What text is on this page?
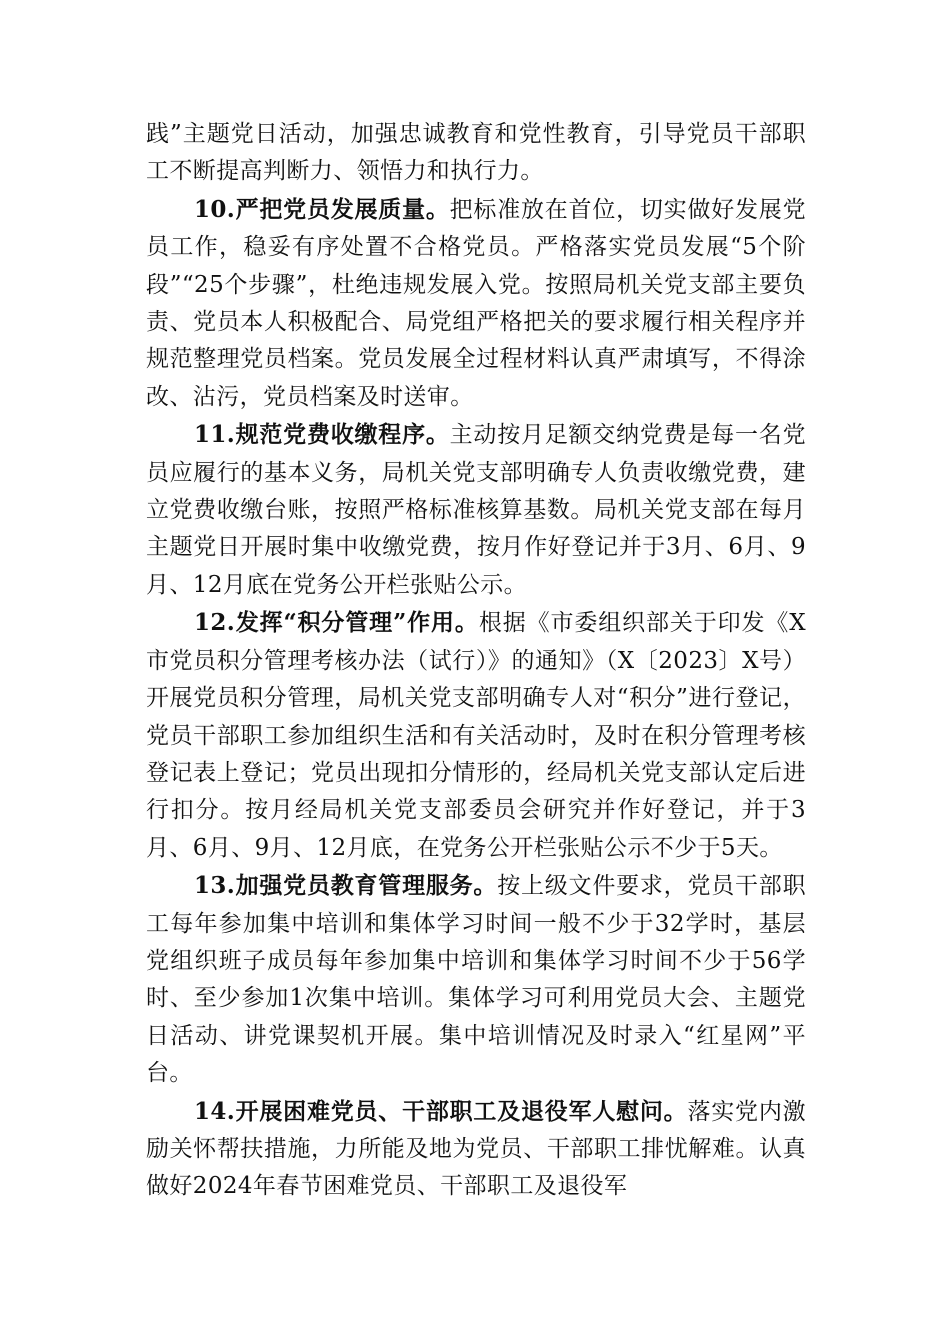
践”主题党日活动，加强忠诚教育和党性教育，引导党员干部职工不断提高判断力、领悟力和执行力。

10.严把党员发展质量。把标准放在首位，切实做好发展党员工作，稳妥有序处置不合格党员。严格落实党员发展“5个阶段”“25个步骤”，杜绝违规发展入党。按照局机关党支部主要负责、党员本人积极配合、局党组严格把关的要求履行相关程序并规范整理党员档案。党员发展全过程材料认真严肃填写，不得涂改、沾污，党员档案及时送审。

11.规范党费收缴程序。主动按月足额交纳党费是每一名党员应履行的基本义务，局机关党支部明确专人负责收缴党费，建立党费收缴台账，按照严格标准核算基数。局机关党支部在每月主题党日开展时集中收缴党费，按月作好登记并于3月、6月、9月、12月底在党务公开栏张贴公示。

12.发挥“积分管理”作用。根据《市委组织部关于印发《X市党员积分管理考核办法（试行）》的通知》（X〔2023〕X号）开展党员积分管理，局机关党支部明确专人对“积分”进行登记，党员干部职工参加组织生活和有关活动时，及时在积分管理考核登记表上登记；党员出现扣分情形的，经局机关党支部认定后进行扣分。按月经局机关党支部委员会研究并作好登记，并于3月、6月、9月、12月底，在党务公开栏张贴公示不少于5天。

13.加强党员教育管理服务。按上级文件要求，党员干部职工每年参加集中培训和集体学习时间一般不少于32学时，基层党组织班子成员每年参加集中培训和集体学习时间不少于56学时、至少参加1次集中培训。集体学习可利用党员大会、主题党日活动、讲党课契机开展。集中培训情况及时录入“红星网”平台。

14.开展困难党员、干部职工及退役军人慰问。落实党内激励关怀帮扶措施，力所能及地为党员、干部职工排忧解难。认真做好2024年春节困难党员、干部职工及退役军
